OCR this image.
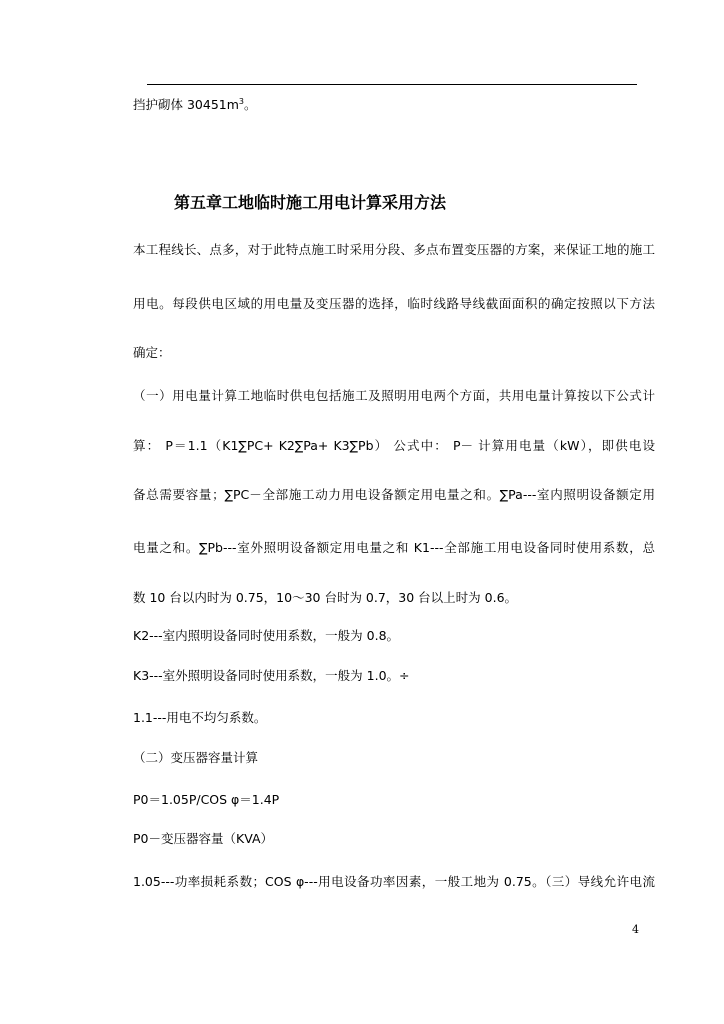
挡护砌体 $30451m^3$。
第五章工地临时施工用电计算采用方法
本工程线长、点多，对于此特点施工时采用分段、多点布置变压器的方案，来保证工地的施工
用电。每段供电区域的用电量及变压器的选择，临时线路导线截面面积的确定按照以下方法
确定：
（一）用电量计算工地临时供电包括施工及照明用电两个方面，共用电量计算按以下公式计
算： P＝1.1（K1∑PC+ K2∑Pa+ K3∑Pb） 公式中： P－ 计算用电量（kW），即供电设
备总需要容量；∑PC－全部施工动力用电设备额定用电量之和。∑Pa---室内照明设备额定用
电量之和。∑Pb---室外照明设备额定用电量之和 K1---全部施工用电设备同时使用系数，总
数 10 台以内时为 0.75，10～30 台时为 0.7，30 台以上时为 0.6。
K2---室内照明设备同时使用系数，一般为 0.8。
K3---室外照明设备同时使用系数，一般为 1.0。÷
1.1---用电不均匀系数。
（二）变压器容量计算
P0＝1.05P/COS φ＝1.4P
P0－变压器容量（KVA）
1.05---功率损耗系数；COS φ---用电设备功率因素，一般工地为 0.75。（三）导线允许电流
4
